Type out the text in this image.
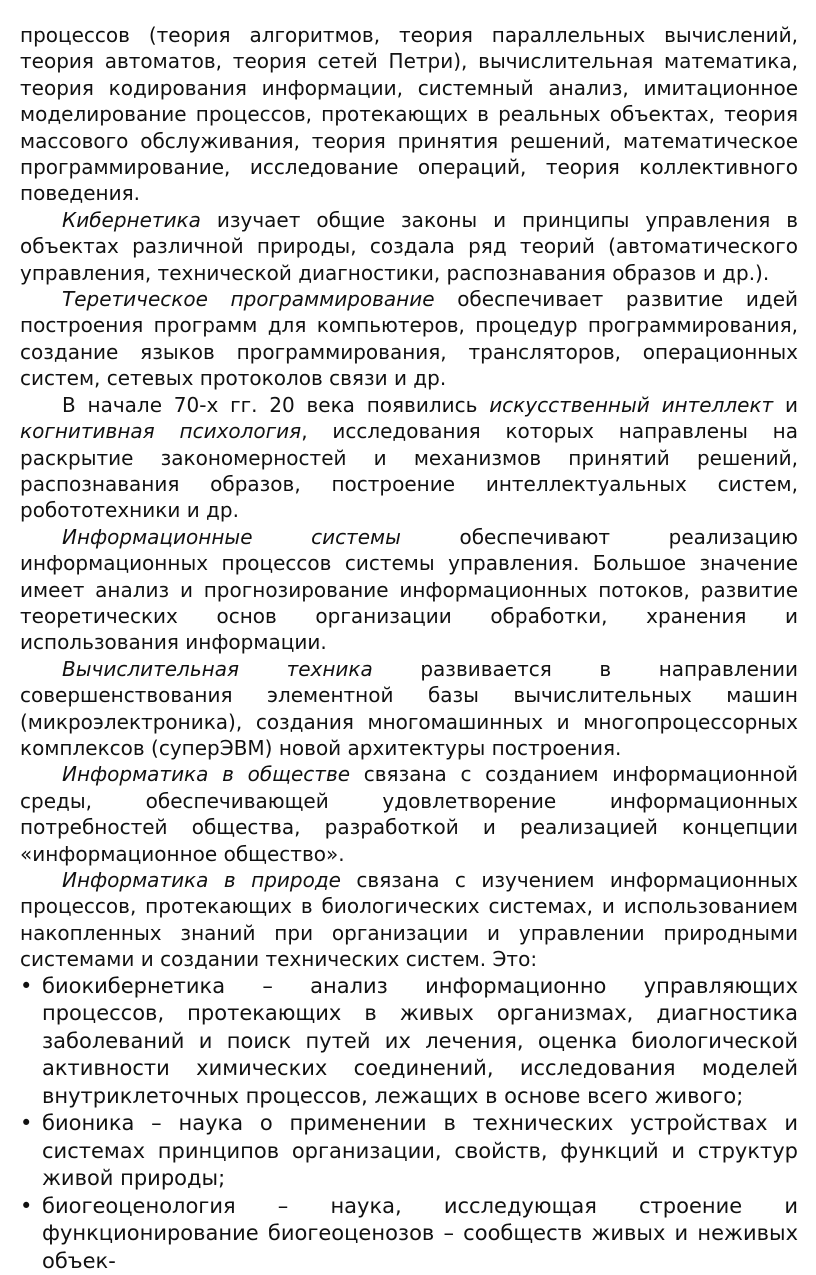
процессов (теория алгоритмов, теория параллельных вычислений, теория автоматов, теория сетей Петри), вычислительная математика, теория кодирования информации, системный анализ, имитационное моделирование процессов, протекающих в реальных объектах, теория массового обслуживания, теория принятия решений, математическое программирование, исследование операций, теория коллективного поведения.

Кибернетика изучает общие законы и принципы управления в объектах различной природы, создала ряд теорий (автоматического управления, технической диагностики, распознавания образов и др.).

Теретическое программирование обеспечивает развитие идей построения программ для компьютеров, процедур программирования, создание языков программирования, трансляторов, операционных систем, сетевых протоколов связи и др.

В начале 70-х гг. 20 века появились искусственный интеллект и когнитивная психология, исследования которых направлены на раскрытие закономерностей и механизмов принятий решений, распознавания образов, построение интеллектуальных систем, робототехники и др.

Информационные системы обеспечивают реализацию информационных процессов системы управления. Большое значение имеет анализ и прогнозирование информационных потоков, развитие теоретических основ организации обработки, хранения и использования информации.

Вычислительная техника развивается в направлении совершенствования элементной базы вычислительных машин (микроэлектроника), создания многомашинных и многопроцессорных комплексов (суперЭВМ) новой архитектуры построения.

Информатика в обществе связана с созданием информационной среды, обеспечивающей удовлетворение информационных потребностей общества, разработкой и реализацией концепции «информационное общество».

Информатика в природе связана с изучением информационных процессов, протекающих в биологических системах, и использованием накопленных знаний при организации и управлении природными системами и создании технических систем. Это:

• биокибернетика – анализ информационно управляющих процессов, протекающих в живых организмах, диагностика заболеваний и поиск путей их лечения, оценка биологической активности химических соединений, исследования моделей внутриклеточных процессов, лежащих в основе всего живого;
• бионика – наука о применении в технических устройствах и системах принципов организации, свойств, функций и структур живой природы;
• биогеоценология – наука, исследующая строение и функционирование биогеоценозов – сообществ живых и неживых объек-
